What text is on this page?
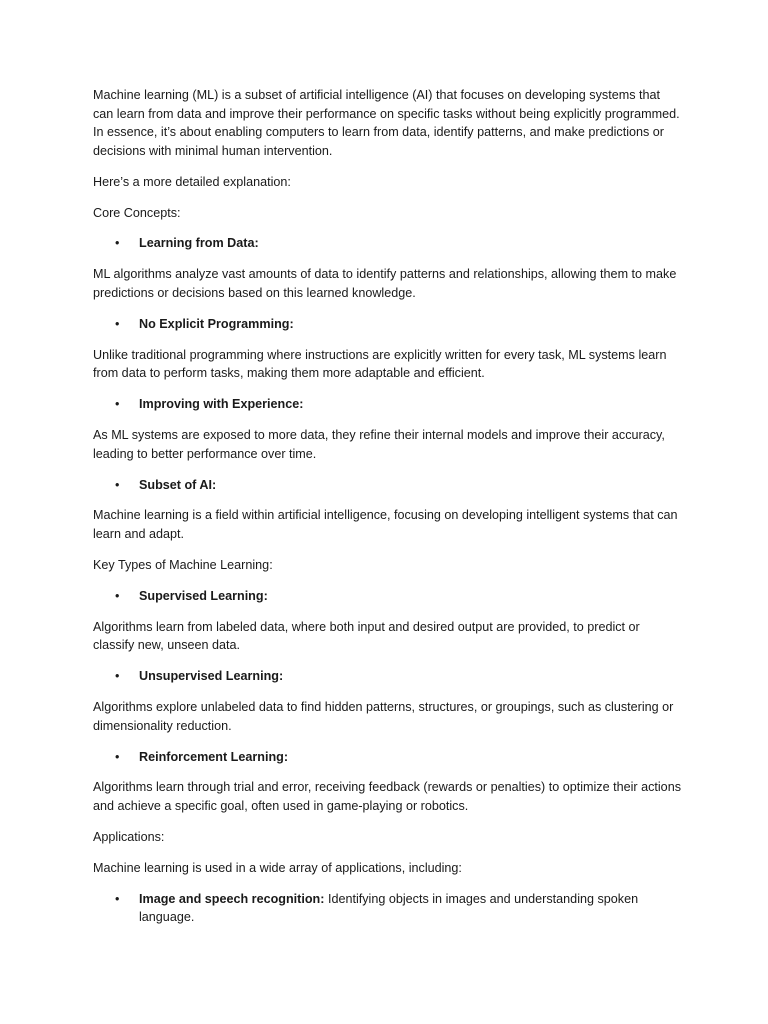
Machine learning (ML) is a subset of artificial intelligence (AI) that focuses on developing systems that can learn from data and improve their performance on specific tasks without being explicitly programmed. In essence, it’s about enabling computers to learn from data, identify patterns, and make predictions or decisions with minimal human intervention.

Here’s a more detailed explanation:

Core Concepts:

• Learning from Data:

ML algorithms analyze vast amounts of data to identify patterns and relationships, allowing them to make predictions or decisions based on this learned knowledge.

• No Explicit Programming:

Unlike traditional programming where instructions are explicitly written for every task, ML systems learn from data to perform tasks, making them more adaptable and efficient.

• Improving with Experience:

As ML systems are exposed to more data, they refine their internal models and improve their accuracy, leading to better performance over time.

• Subset of AI:

Machine learning is a field within artificial intelligence, focusing on developing intelligent systems that can learn and adapt.

Key Types of Machine Learning:

• Supervised Learning:

Algorithms learn from labeled data, where both input and desired output are provided, to predict or classify new, unseen data.

• Unsupervised Learning:

Algorithms explore unlabeled data to find hidden patterns, structures, or groupings, such as clustering or dimensionality reduction.

• Reinforcement Learning:

Algorithms learn through trial and error, receiving feedback (rewards or penalties) to optimize their actions and achieve a specific goal, often used in game-playing or robotics.

Applications:

Machine learning is used in a wide array of applications, including:

• Image and speech recognition: Identifying objects in images and understanding spoken language.
